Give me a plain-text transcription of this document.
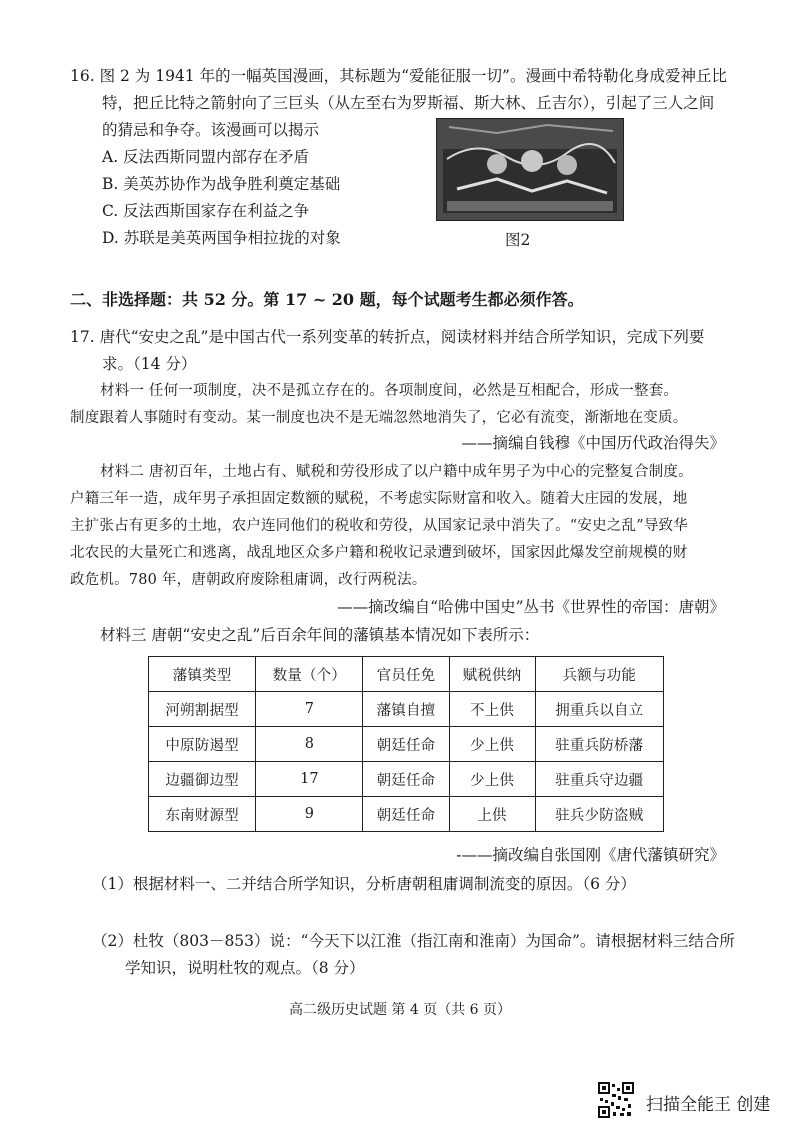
16. 图 2 为 1941 年的一幅英国漫画，其标题为“爱能征服一切”。漫画中希特勒化身成爱神丘比
特，把丘比特之箭射向了三巨头（从左至右为罗斯福、斯大林、丘吉尔），引起了三人之间
的猜忌和争夺。该漫画可以揭示
A. 反法西斯同盟内部存在矛盾
B. 美英苏协作为战争胜利奠定基础
C. 反法西斯国家存在利益之争
D. 苏联是美英两国争相拉拢的对象	图2
二、非选择题：共 52 分。第 17 ~ 20 题，每个试题考生都必须作答。
17. 唐代“安史之乱”是中国古代一系列变革的转折点，阅读材料并结合所学知识，完成下列要
求。（14 分）
材料一 任何一项制度，决不是孤立存在的。各项制度间，必然是互相配合，形成一整套。
制度跟着人事随时有变动。某一制度也决不是无端忽然地消失了，它必有流变，渐渐地在变质。
——摘编自钱穆《中国历代政治得失》
材料二 唐初百年，土地占有、赋税和劳役形成了以户籍中成年男子为中心的完整复合制度。
户籍三年一造，成年男子承担固定数额的赋税，不考虑实际财富和收入。随着大庄园的发展，地
主扩张占有更多的土地，农户连同他们的税收和劳役，从国家记录中消失了。“安史之乱”导致华
北农民的大量死亡和逃离，战乱地区众多户籍和税收记录遭到破坏，国家因此爆发空前规模的财
政危机。780 年，唐朝政府废除租庸调，改行两税法。
——摘改编自“哈佛中国史”丛书《世界性的帝国：唐朝》
材料三 唐朝“安史之乱”后百余年间的藩镇基本情况如下表所示：
藩镇类型	数量（个）	官员任免	赋税供纳	兵额与功能
河朔割据型	7	藩镇自擅	不上供	拥重兵以自立
中原防遏型	8	朝廷任命	少上供	驻重兵防桥藩
边疆御边型	17	朝廷任命	少上供	驻重兵守边疆
东南财源型	9	朝廷任命	上供	驻兵少防盗贼
-——摘改编自张国刚《唐代藩镇研究》
（1）根据材料一、二并结合所学知识，分析唐朝租庸调制流变的原因。（6 分）
（2）杜牧（803－853）说：“今天下以江淮（指江南和淮南）为国命”。请根据材料三结合所
学知识，说明杜牧的观点。（8 分）
高二级历史试题 第 4 页（共 6 页）
扫描全能王 创建
